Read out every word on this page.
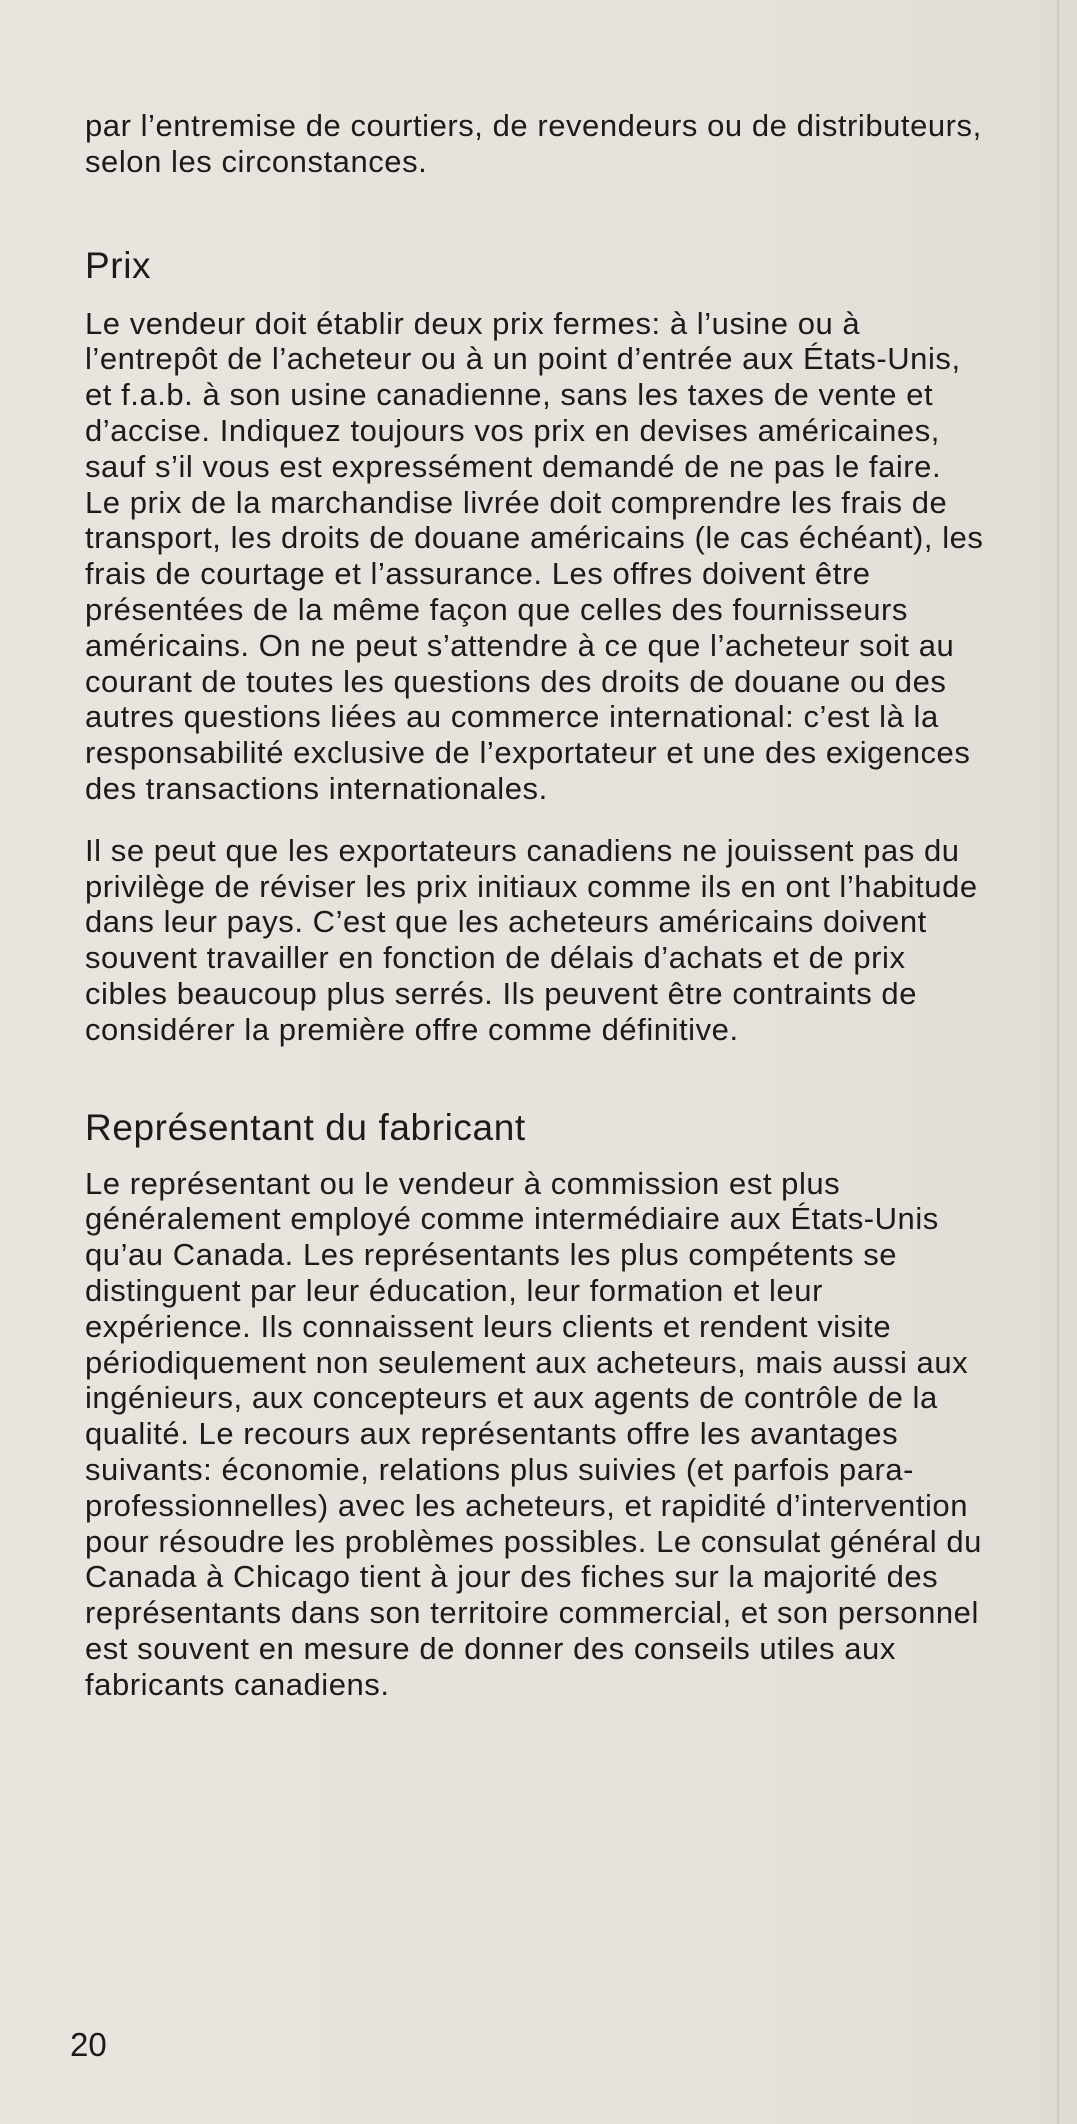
par l’entremise de courtiers, de revendeurs ou de distributeurs, selon les circonstances.

Prix

Le vendeur doit établir deux prix fermes: à l’usine ou à l’entrepôt de l’acheteur ou à un point d’entrée aux États-Unis, et f.a.b. à son usine canadienne, sans les taxes de vente et d’accise. Indiquez toujours vos prix en devises américaines, sauf s’il vous est expressément demandé de ne pas le faire. Le prix de la marchandise livrée doit comprendre les frais de transport, les droits de douane américains (le cas échéant), les frais de courtage et l’assurance. Les offres doivent être présentées de la même façon que celles des fournisseurs américains. On ne peut s’attendre à ce que l’acheteur soit au courant de toutes les questions des droits de douane ou des autres questions liées au commerce international: c’est là la responsabilité exclusive de l’exportateur et une des exigences des transactions internationales.

Il se peut que les exportateurs canadiens ne jouissent pas du privilège de réviser les prix initiaux comme ils en ont l’habitude dans leur pays. C’est que les acheteurs américains doivent souvent travailler en fonction de délais d’achats et de prix cibles beaucoup plus serrés. Ils peuvent être contraints de considérer la première offre comme définitive.

Représentant du fabricant

Le représentant ou le vendeur à commission est plus généralement employé comme intermédiaire aux États-Unis qu’au Canada. Les représentants les plus compétents se distinguent par leur éducation, leur formation et leur expérience. Ils connaissent leurs clients et rendent visite périodiquement non seulement aux acheteurs, mais aussi aux ingénieurs, aux concepteurs et aux agents de contrôle de la qualité. Le recours aux représentants offre les avantages suivants: économie, relations plus suivies (et parfois para-professionnelles) avec les acheteurs, et rapidité d’intervention pour résoudre les problèmes possibles. Le consulat général du Canada à Chicago tient à jour des fiches sur la majorité des représentants dans son territoire commercial, et son personnel est souvent en mesure de donner des conseils utiles aux fabricants canadiens.

20
